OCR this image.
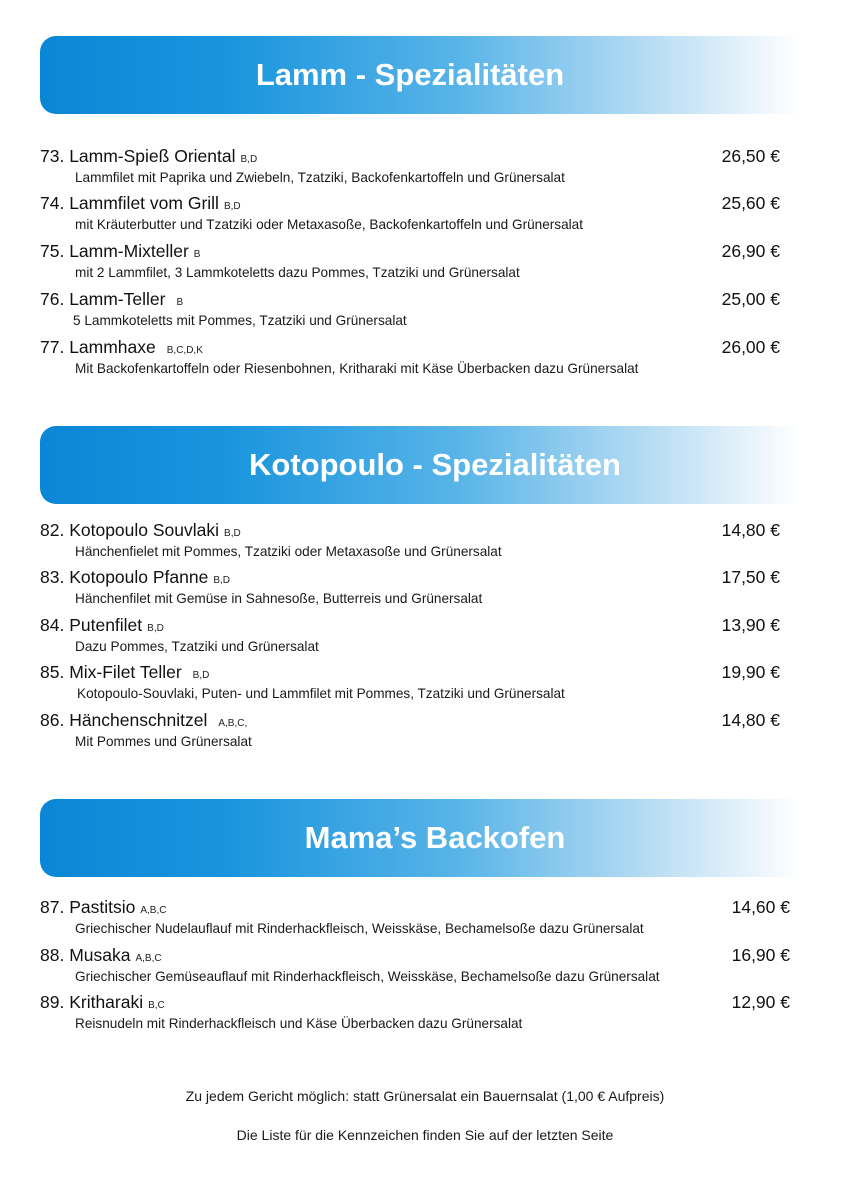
Lamm - Spezialitäten
73. Lamm-Spieß Oriental B,D	26,50 €
Lammfilet mit Paprika und Zwiebeln, Tzatziki, Backofenkartoffeln und Grünersalat
74. Lammfilet vom Grill B,D	25,60 €
mit Kräuterbutter und Tzatziki oder Metaxasoße, Backofenkartoffeln und Grünersalat
75. Lamm-Mixteller B	26,90 €
mit 2 Lammfilet, 3 Lammkoteletts dazu Pommes, Tzatziki und Grünersalat
76. Lamm-Teller B	25,00 €
5 Lammkoteletts mit Pommes, Tzatziki und Grünersalat
77. Lammhaxe B,C,D,K	26,00 €
Mit Backofenkartoffeln oder Riesenbohnen, Kritharaki mit Käse Überbacken dazu Grünersalat
Kotopoulo - Spezialitäten
82. Kotopoulo Souvlaki B,D	14,80 €
Hänchenfielet mit Pommes, Tzatziki oder Metaxasoße und Grünersalat
83. Kotopoulo Pfanne B,D	17,50 €
Hänchenfilet mit Gemüse in Sahnesoße, Butterreis und Grünersalat
84. Putenfilet B,D	13,90 €
Dazu Pommes, Tzatziki und Grünersalat
85. Mix-Filet Teller B,D	19,90 €
Kotopoulo-Souvlaki, Puten- und Lammfilet mit Pommes, Tzatziki und Grünersalat
86. Hänchenschnitzel A,B,C,	14,80 €
Mit Pommes und Grünersalat
Mama’s Backofen
87. Pastitsio A,B,C	14,60 €
Griechischer Nudelauflauf mit Rinderhackfleisch, Weisskäse, Bechamelsoße dazu Grünersalat
88. Musaka A,B,C	16,90 €
Griechischer Gemüseauflauf mit Rinderhackfleisch, Weisskäse, Bechamelsoße dazu Grünersalat
89. Kritharaki B,C	12,90 €
Reisnudeln mit Rinderhackfleisch und Käse Überbacken dazu Grünersalat
Zu jedem Gericht möglich: statt Grünersalat ein Bauernsalat (1,00 € Aufpreis)
Die Liste für die Kennzeichen finden Sie auf der letzten Seite
